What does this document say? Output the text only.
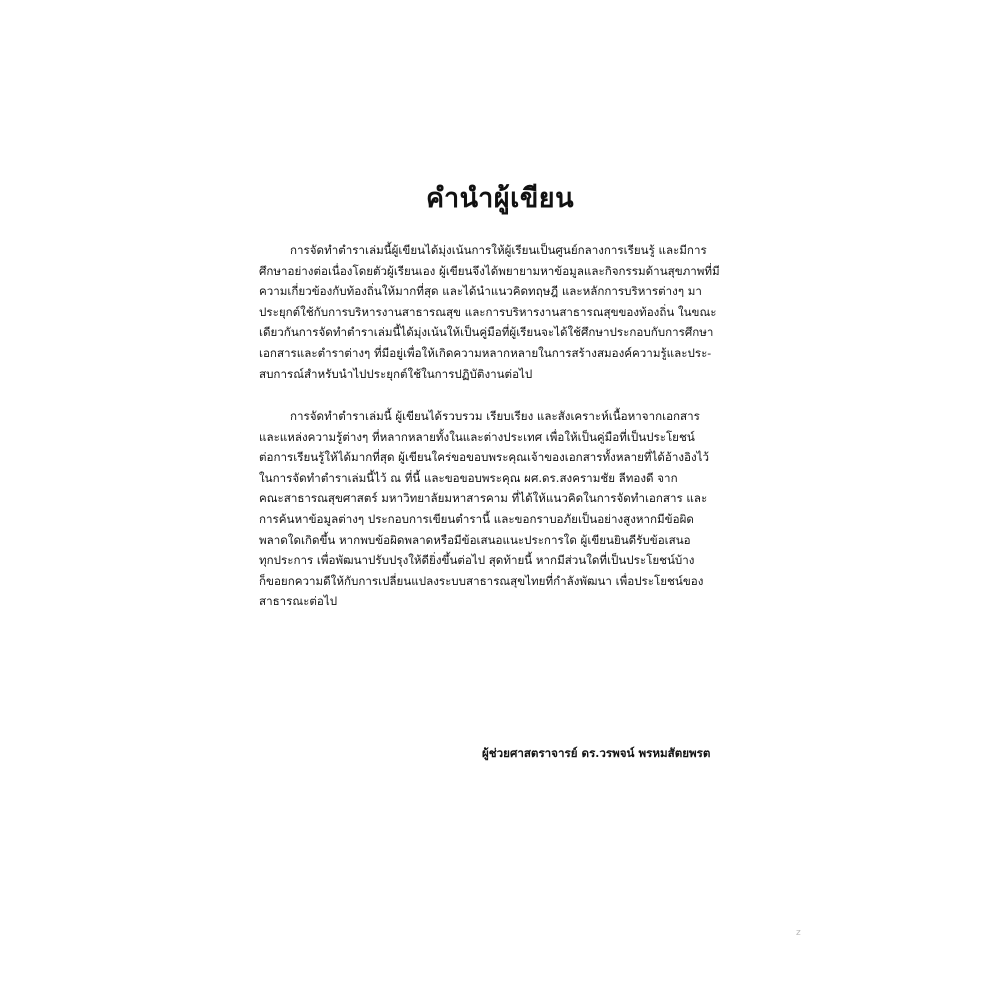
คำนำผู้เขียน
การจัดทำตำราเล่มนี้ผู้เขียนได้มุ่งเน้นการให้ผู้เรียนเป็นศูนย์กลางการเรียนรู้ และมีการ
ศึกษาอย่างต่อเนื่องโดยตัวผู้เรียนเอง ผู้เขียนจึงได้พยายามหาข้อมูลและกิจกรรมด้านสุขภาพที่มี
ความเกี่ยวข้องกับท้องถิ่นให้มากที่สุด และได้นำแนวคิดทฤษฎี และหลักการบริหารต่างๆ มา
ประยุกต์ใช้กับการบริหารงานสาธารณสุข และการบริหารงานสาธารณสุขของท้องถิ่น ในขณะ
เดียวกันการจัดทำตำราเล่มนี้ได้มุ่งเน้นให้เป็นคู่มือที่ผู้เรียนจะได้ใช้ศึกษาประกอบกับการศึกษา
เอกสารและตำราต่างๆ ที่มีอยู่เพื่อให้เกิดความหลากหลายในการสร้างสมองค์ความรู้และประ-
สบการณ์สำหรับนำไปประยุกต์ใช้ในการปฏิบัติงานต่อไป
การจัดทำตำราเล่มนี้ ผู้เขียนได้รวบรวม เรียบเรียง และสังเคราะห์เนื้อหาจากเอกสาร
และแหล่งความรู้ต่างๆ ที่หลากหลายทั้งในและต่างประเทศ เพื่อให้เป็นคู่มือที่เป็นประโยชน์
ต่อการเรียนรู้ให้ได้มากที่สุด ผู้เขียนใคร่ขอขอบพระคุณเจ้าของเอกสารทั้งหลายที่ได้อ้างอิงไว้
ในการจัดทำตำราเล่มนี้ไว้ ณ ที่นี้ และขอขอบพระคุณ ผศ.ดร.สงครามชัย ลีทองดี จาก
คณะสาธารณสุขศาสตร์ มหาวิทยาลัยมหาสารคาม ที่ได้ให้แนวคิดในการจัดทำเอกสาร และ
การค้นหาข้อมูลต่างๆ ประกอบการเขียนตำรานี้ และขอกราบอภัยเป็นอย่างสูงหากมีข้อผิด
พลาดใดเกิดขึ้น หากพบข้อผิดพลาดหรือมีข้อเสนอแนะประการใด ผู้เขียนยินดีรับข้อเสนอ
ทุกประการ เพื่อพัฒนาปรับปรุงให้ดียิ่งขึ้นต่อไป สุดท้ายนี้ หากมีส่วนใดที่เป็นประโยชน์บ้าง
ก็ขอยกความดีให้กับการเปลี่ยนแปลงระบบสาธารณสุขไทยที่กำลังพัฒนา เพื่อประโยชน์ของ
สาธารณะต่อไป

ผู้ช่วยศาสตราจารย์ ดร.วรพจน์ พรหมสัตยพรต

z
